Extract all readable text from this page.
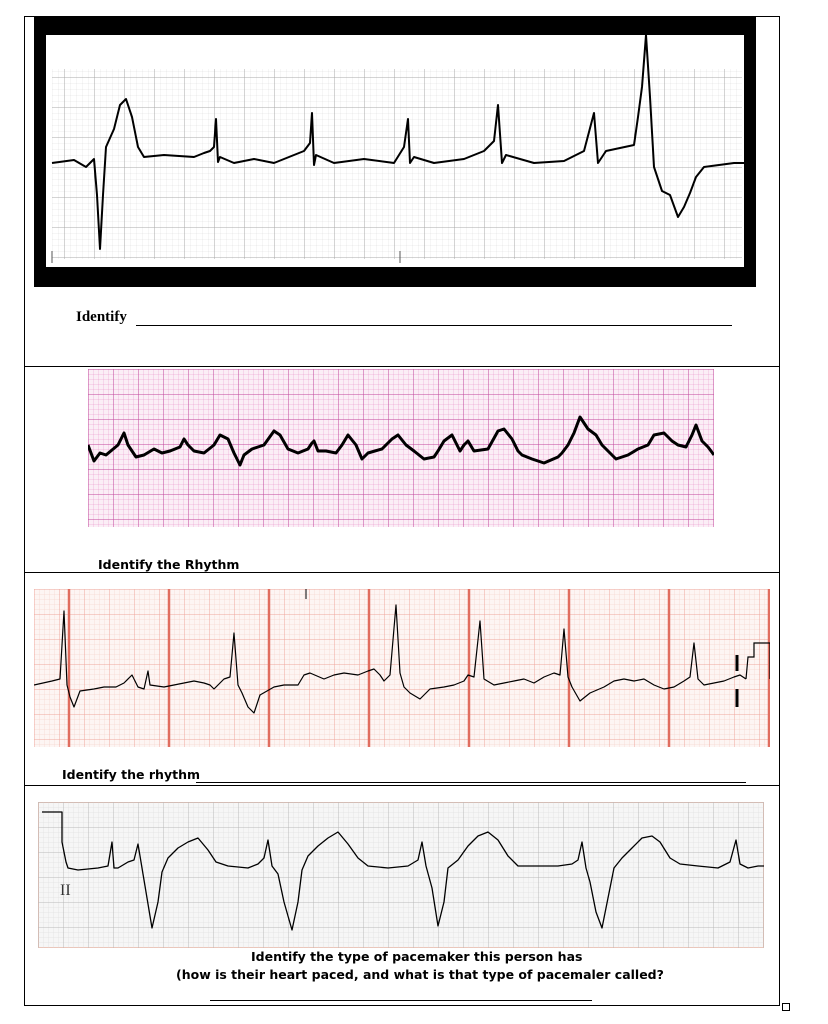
Identify
Identify the Rhythm
Identify the rhythm
II
Identify the type of pacemaker this person has
(how is their heart paced, and what is that type of pacemaler called?
